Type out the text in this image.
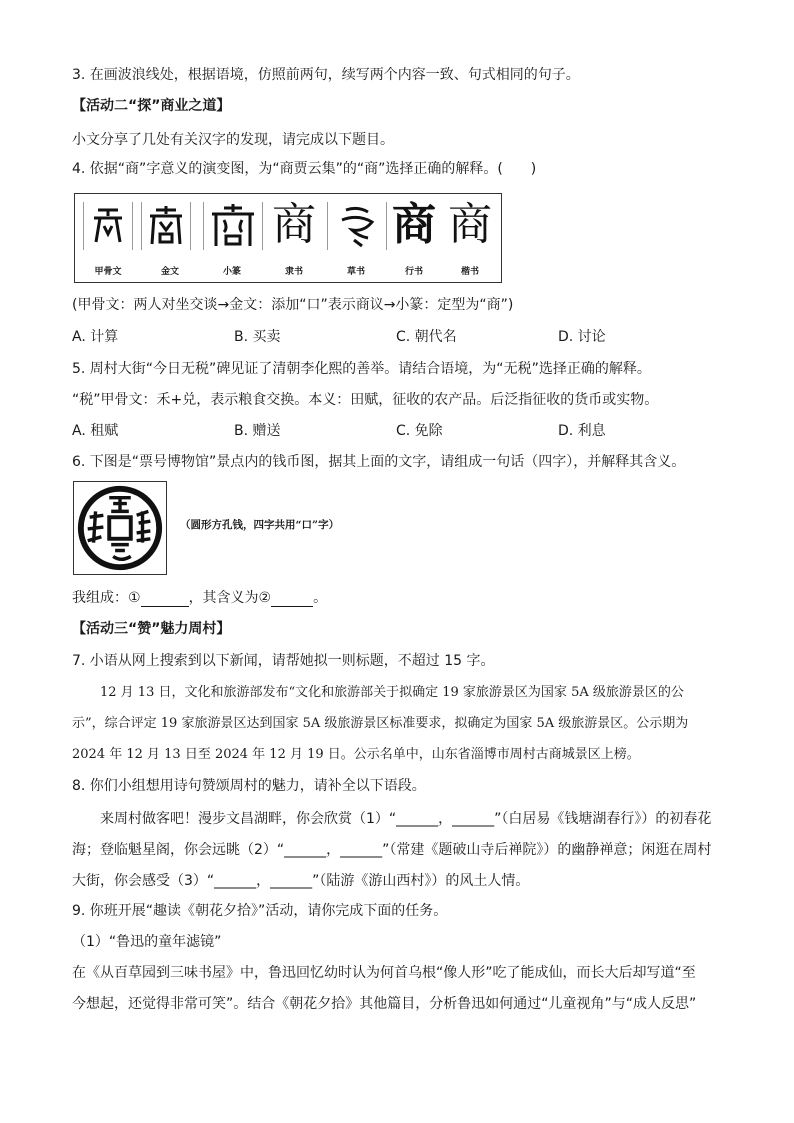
3. 在画波浪线处，根据语境，仿照前两句，续写两个内容一致、句式相同的句子。
【活动二“探”商业之道】
小文分享了几处有关汉字的发现，请完成以下题目。
4. 依据“商”字意义的演变图，为“商贾云集”的“商”选择正确的解释。(　　)
商 商 商
甲骨文	金文	小篆	隶书	草书	行书	楷书
(甲骨文：两人对坐交谈→金文：添加“口”表示商议→小篆：定型为“商”)
A. 计算	B. 买卖	C. 朝代名	D. 讨论
5. 周村大街“今日无税”碑见证了清朝李化熙的善举。请结合语境，为“无税”选择正确的解释。
“税”甲骨文：禾+兑，表示粮食交换。本义：田赋，征收的农产品。后泛指征收的货币或实物。
A. 租赋	B. 赠送	C. 免除	D. 利息
6. 下图是“票号博物馆”景点内的钱币图，据其上面的文字，请组成一句话（四字），并解释其含义。
（圆形方孔钱，四字共用“口”字）
我组成：①	，其含义为②	。
【活动三“赞”魅力周村】
7. 小语从网上搜索到以下新闻，请帮她拟一则标题，不超过 15 字。
12 月 13 日，文化和旅游部发布“文化和旅游部关于拟确定 19 家旅游景区为国家 5A 级旅游景区的公
示”，综合评定 19 家旅游景区达到国家 5A 级旅游景区标准要求，拟确定为国家 5A 级旅游景区。公示期为
2024 年 12 月 13 日至 2024 年 12 月 19 日。公示名单中，山东省淄博市周村古商城景区上榜。
8. 你们小组想用诗句赞颂周村的魅力，请补全以下语段。
来周村做客吧！漫步文昌湖畔，你会欣赏（1）“______，______”（白居易《钱塘湖春行》）的初春花
海；登临魁星阁，你会远眺（2）“______，______”（常建《题破山寺后禅院》）的幽静禅意；闲逛在周村
大街，你会感受（3）“______，______”（陆游《游山西村》）的风土人情。
9. 你班开展“趣读《朝花夕拾》”活动，请你完成下面的任务。
（1）“鲁迅的童年滤镜”
在《从百草园到三味书屋》中，鲁迅回忆幼时认为何首乌根“像人形”吃了能成仙，而长大后却写道“至
今想起，还觉得非常可笑”。结合《朝花夕拾》其他篇目，分析鲁迅如何通过“儿童视角”与“成人反思”
